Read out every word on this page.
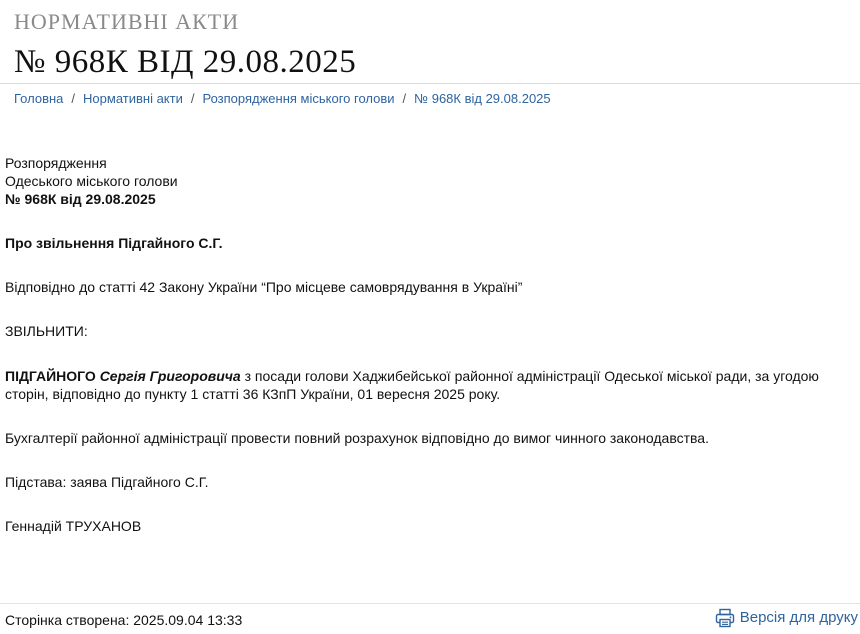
НОРМАТИВНІ АКТИ
№ 968К ВІД 29.08.2025
Головна / Нормативні акти / Розпорядження міського голови / № 968К від 29.08.2025

Розпорядження

Одеського міського голови

№ 968К від 29.08.2025

Про звільнення Підгайного С.Г.

Відповідно до статті 42 Закону України “Про місцеве самоврядування в Україні”

ЗВІЛЬНИТИ:

ПІДГАЙНОГО Сергія Григоровича з посади голови Хаджибейської районної адміністрації Одеської міської ради, за угодою сторін, відповідно до пункту 1 статті 36 КЗпП України, 01 вересня 2025 року.

Бухгалтерії районної адміністрації провести повний розрахунок відповідно до вимог чинного законодавства.

Підстава: заява Підгайного С.Г.

Геннадій ТРУХАНОВ

Сторінка створена: 2025.09.04 13:33	Версія для друку
